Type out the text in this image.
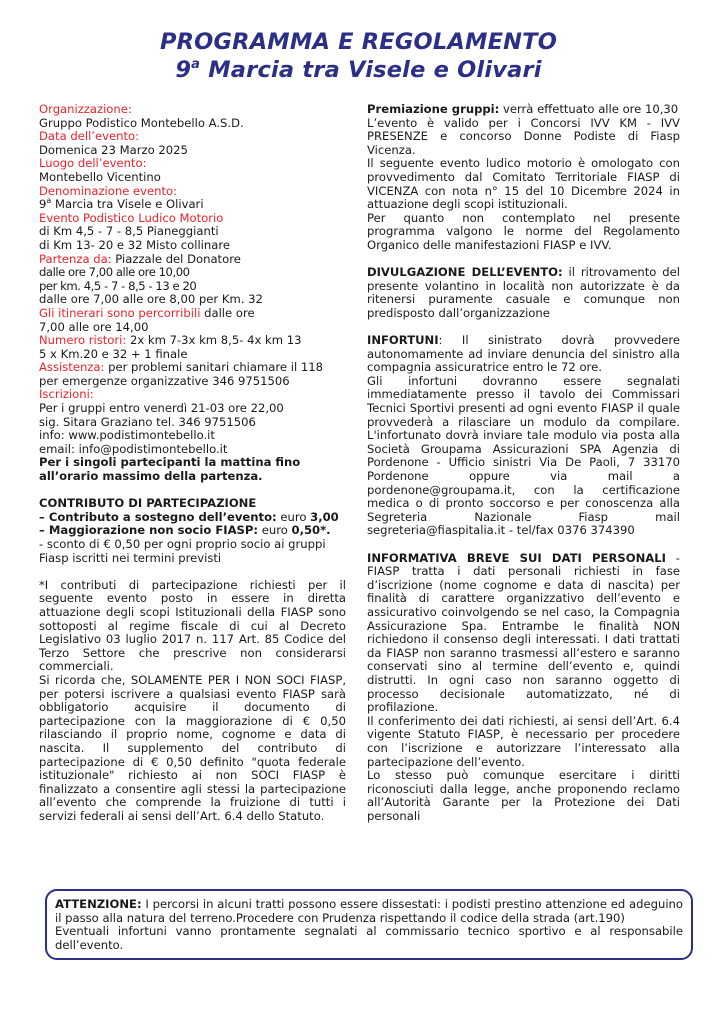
PROGRAMMA E REGOLAMENTO
9$^a$ Marcia tra Visele e Olivari
Organizzazione:
Gruppo Podistico Montebello A.S.D.
Data dell’evento:
Domenica 23 Marzo 2025
Luogo dell’evento:
Montebello Vicentino
Denominazione evento:
9$^a$ Marcia tra Visele e Olivari
Evento Podistico Ludico Motorio
di Km 4,5 - 7 - 8,5 Pianeggianti
di Km 13- 20 e 32 Misto collinare
Partenza da: Piazzale del Donatore
dalle ore 7,00 alle ore 10,00
per km. 4,5 - 7 - 8,5 - 13 e 20
dalle ore 7,00 alle ore 8,00 per Km. 32
Gli itinerari sono percorribili dalle ore
7,00 alle ore 14,00
Numero ristori: 2x km 7-3x km 8,5- 4x km 13
5 x Km.20 e 32 + 1 finale
Assistenza: per problemi sanitari chiamare il 118
per emergenze organizzative 346 9751506
Iscrizioni:
Per i gruppi entro venerdì 21-03 ore 22,00
sig. Sitara Graziano tel. 346 9751506
info: www.podistimontebello.it
email: info@podistimontebello.it
Per i singoli partecipanti la mattina fino all’orario massimo della partenza.
CONTRIBUTO DI PARTECIPAZIONE
– Contributo a sostegno dell’evento: euro 3,00
– Maggiorazione non socio FIASP: euro 0,50*.
- sconto di € 0,50 per ogni proprio socio ai gruppi Fiasp iscritti nei termini previsti
*I contributi di partecipazione richiesti per il seguente evento posto in essere in diretta attuazione degli scopi Istituzionali della FIASP sono sottoposti al regime fiscale di cui al Decreto Legislativo 03 luglio 2017 n. 117 Art. 85 Codice del Terzo Settore che prescrive non considerarsi commerciali.
Si ricorda che, SOLAMENTE PER I NON SOCI FIASP, per potersi iscrivere a qualsiasi evento FIASP sarà obbligatorio acquisire il documento di partecipazione con la maggiorazione di € 0,50 rilasciando il proprio nome, cognome e data di nascita. Il supplemento del contributo di partecipazione di € 0,50 definito "quota federale istituzionale" richiesto ai non SOCI FIASP è finalizzato a consentire agli stessi la partecipazione all’evento che comprende la fruizione di tutti i servizi federali ai sensi dell’Art. 6.4 dello Statuto.
Premiazione gruppi: verrà effettuato alle ore 10,30
L’evento è valido per i Concorsi IVV KM - IVV PRESENZE e concorso Donne Podiste di Fiasp Vicenza.
Il seguente evento ludico motorio è omologato con provvedimento dal Comitato Territoriale FIASP di VICENZA con nota n° 15 del 10 Dicembre 2024 in attuazione degli scopi istituzionali.
Per quanto non contemplato nel presente programma valgono le norme del Regolamento Organico delle manifestazioni FIASP e IVV.
DIVULGAZIONE DELL’EVENTO: il ritrovamento del presente volantino in località non autorizzate è da ritenersi puramente casuale e comunque non predisposto dall’organizzazione
INFORTUNI: Il sinistrato dovrà provvedere autonomamente ad inviare denuncia del sinistro alla compagnia assicuratrice entro le 72 ore.
Gli infortuni dovranno essere segnalati immediatamente presso il tavolo dei Commissari Tecnici Sportivi presenti ad ogni evento FIASP il quale provvederà a rilasciare un modulo da compilare. L'infortunato dovrà inviare tale modulo via posta alla Società Groupama Assicurazioni SPA Agenzia di Pordenone - Ufficio sinistri Via De Paoli, 7 33170 Pordenone oppure via mail a pordenone@groupama.it, con la certificazione medica o di pronto soccorso e per conoscenza alla Segreteria Nazionale Fiasp mail segreteria@fiaspitalia.it - tel/fax 0376 374390
INFORMATIVA BREVE SUI DATI PERSONALI - FIASP tratta i dati personali richiesti in fase d’iscrizione (nome cognome e data di nascita) per finalità di carattere organizzativo dell’evento e assicurativo coinvolgendo se nel caso, la Compagnia Assicurazione Spa. Entrambe le finalità NON richiedono il consenso degli interessati. I dati trattati da FIASP non saranno trasmessi all’estero e saranno conservati sino al termine dell’evento e, quindi distrutti. In ogni caso non saranno oggetto di processo decisionale automatizzato, né di profilazione.
Il conferimento dei dati richiesti, ai sensi dell’Art. 6.4 vigente Statuto FIASP, è necessario per procedere con l’iscrizione e autorizzare l’interessato alla partecipazione dell’evento.
Lo stesso può comunque esercitare i diritti riconosciuti dalla legge, anche proponendo reclamo all’Autorità Garante per la Protezione dei Dati personali
ATTENZIONE: I percorsi in alcuni tratti possono essere dissestati: i podisti prestino attenzione ed adeguino il passo alla natura del terreno.Procedere con Prudenza rispettando il codice della strada (art.190)
Eventuali infortuni vanno prontamente segnalati al commissario tecnico sportivo e al responsabile dell’evento.
